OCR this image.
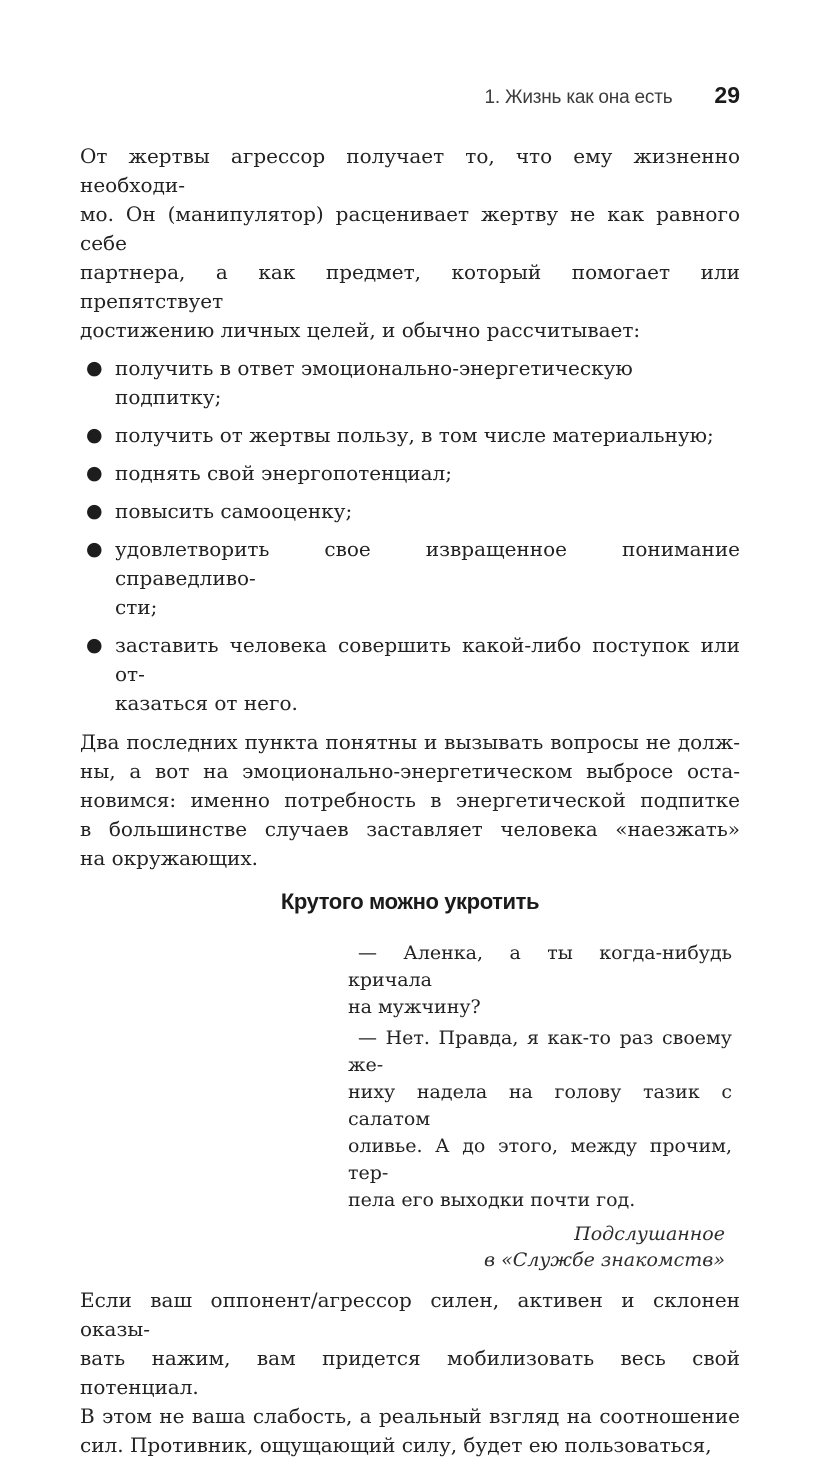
1. Жизнь как она есть 29
От жертвы агрессор получает то, что ему жизненно необходи-
мо. Он (манипулятор) расценивает жертву не как равного себе
партнера, а как предмет, который помогает или препятствует
достижению личных целей, и обычно рассчитывает:
● получить в ответ эмоционально-энергетическую подпитку;
● получить от жертвы пользу, в том числе материальную;
● поднять свой энергопотенциал;
● повысить самооценку;
● удовлетворить свое извращенное понимание справедливо-
сти;
● заставить человека совершить какой-либо поступок или от-
казаться от него.
Два последних пункта понятны и вызывать вопросы не долж-
ны, а вот на эмоционально-энергетическом выбросе оста-
новимся: именно потребность в энергетической подпитке
в большинстве случаев заставляет человека «наезжать»
на окружающих.
Крутого можно укротить
— Аленка, а ты когда-нибудь кричала
на мужчину?
— Нет. Правда, я как-то раз своему же-
ниху надела на голову тазик с салатом
оливье. А до этого, между прочим, тер-
пела его выходки почти год.
Подслушанное
в «Службе знакомств»
Если ваш оппонент/агрессор силен, активен и склонен оказы-
вать нажим, вам придется мобилизовать весь свой потенциал.
В этом не ваша слабость, а реальный взгляд на соотношение
сил. Противник, ощущающий силу, будет ею пользоваться,
